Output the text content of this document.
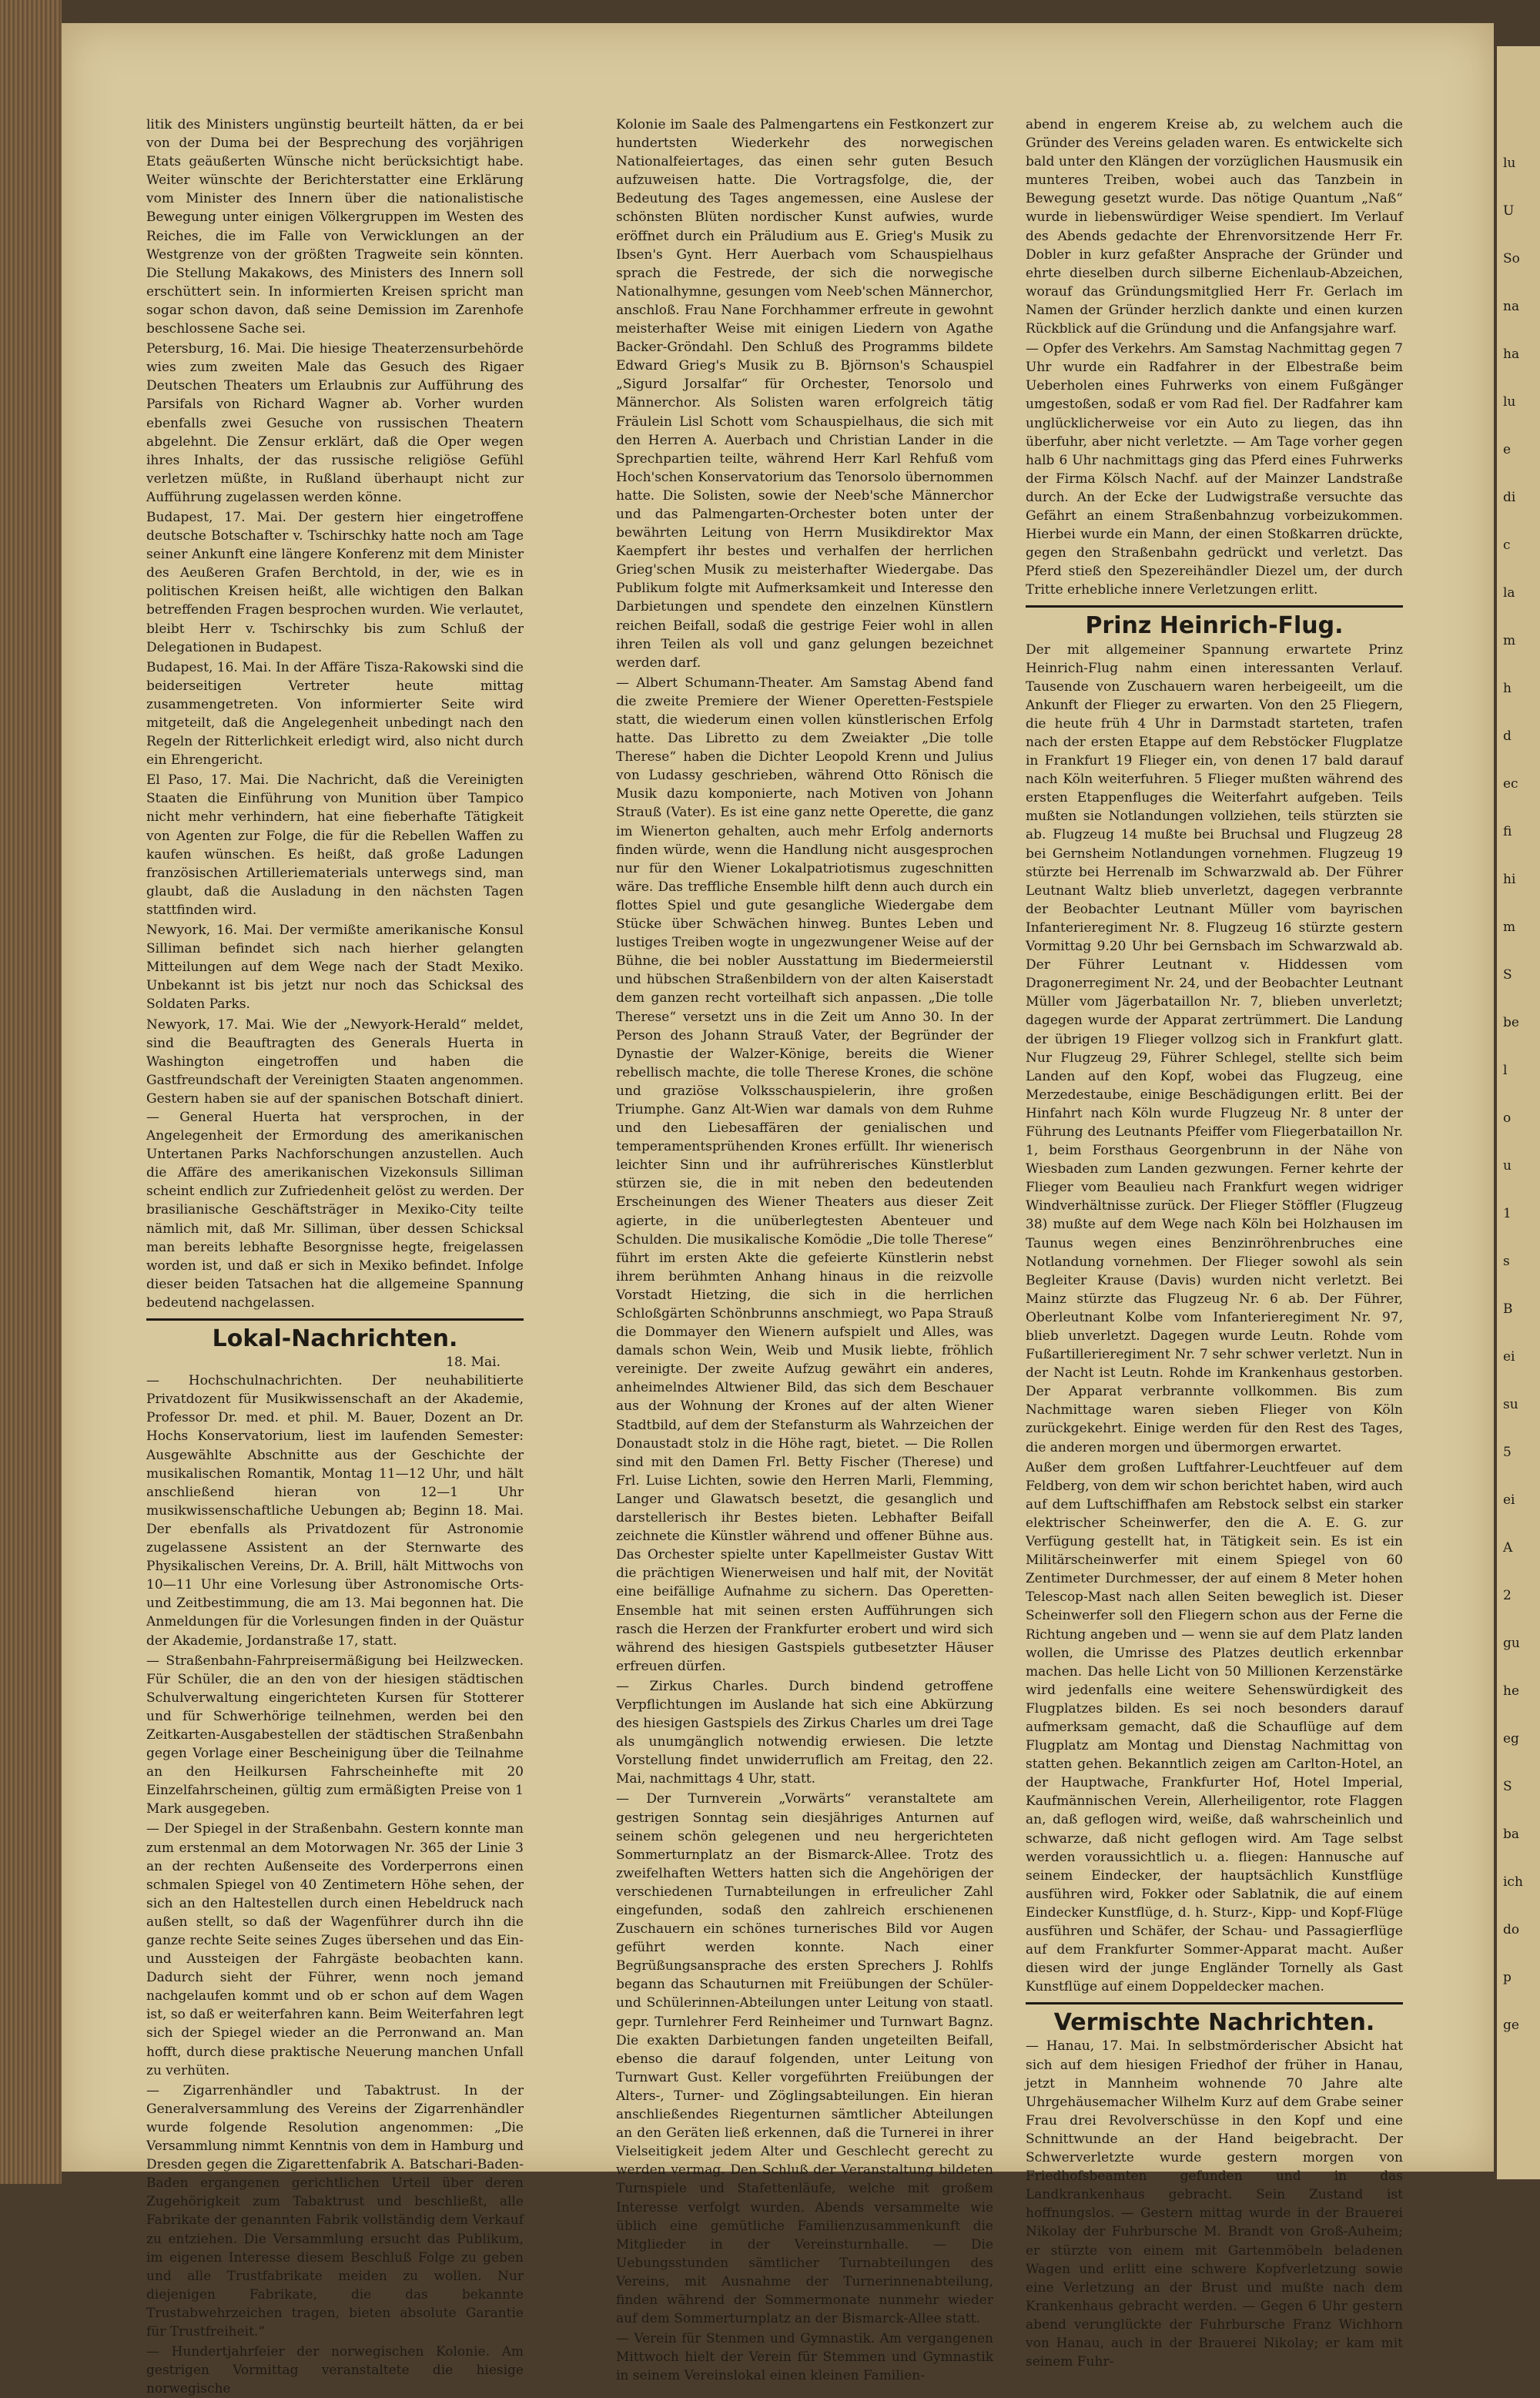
litik des Ministers ungünstig beurteilt hätten, da er bei von der Duma bei der Besprechung des vorjährigen Etats geäußerten Wünsche nicht berücksichtigt habe. Weiter wünschte der Berichterstatter eine Erklärung vom Minister des Innern über die nationalistische Bewegung unter einigen Völkergruppen im Westen des Reiches, die im Falle von Verwicklungen an der Westgrenze von der größten Tragweite sein könnten. Die Stellung Makakows, des Ministers des Innern soll erschüttert sein. In informierten Kreisen spricht man sogar schon davon, daß seine Demission im Zarenhofe beschlossene Sache sei.

Petersburg, 16. Mai. Die hiesige Theaterzensurbehörde wies zum zweiten Male das Gesuch des Rigaer Deutschen Theaters um Erlaubnis zur Aufführung des Parsifals von Richard Wagner ab. Vorher wurden ebenfalls zwei Gesuche von russischen Theatern abgelehnt. Die Zensur erklärt, daß die Oper wegen ihres Inhalts, der das russische religiöse Gefühl verletzen müßte, in Rußland überhaupt nicht zur Aufführung zugelassen werden könne.

Budapest, 17. Mai. Der gestern hier eingetroffene deutsche Botschafter v. Tschirschky hatte noch am Tage seiner Ankunft eine längere Konferenz mit dem Minister des Aeußeren Grafen Berchtold, in der, wie es in politischen Kreisen heißt, alle wichtigen den Balkan betreffenden Fragen besprochen wurden. Wie verlautet, bleibt Herr v. Tschirschky bis zum Schluß der Delegationen in Budapest.

Budapest, 16. Mai. In der Affäre Tisza-Rakowski sind die beiderseitigen Vertreter heute mittag zusammengetreten. Von informierter Seite wird mitgeteilt, daß die Angelegenheit unbedingt nach den Regeln der Ritterlichkeit erledigt wird, also nicht durch ein Ehrengericht.

El Paso, 17. Mai. Die Nachricht, daß die Vereinigten Staaten die Einführung von Munition über Tampico nicht mehr verhindern, hat eine fieberhafte Tätigkeit von Agenten zur Folge, die für die Rebellen Waffen zu kaufen wünschen. Es heißt, daß große Ladungen französischen Artilleriematerials unterwegs sind, man glaubt, daß die Ausladung in den nächsten Tagen stattfinden wird.

Newyork, 16. Mai. Der vermißte amerikanische Konsul Silliman befindet sich nach hierher gelangten Mitteilungen auf dem Wege nach der Stadt Mexiko. Unbekannt ist bis jetzt nur noch das Schicksal des Soldaten Parks.

Newyork, 17. Mai. Wie der „Newyork-Herald“ meldet, sind die Beauftragten des Generals Huerta in Washington eingetroffen und haben die Gastfreundschaft der Vereinigten Staaten angenommen. Gestern haben sie auf der spanischen Botschaft diniert. — General Huerta hat versprochen, in der Angelegenheit der Ermordung des amerikanischen Untertanen Parks Nachforschungen anzustellen. Auch die Affäre des amerikanischen Vizekonsuls Silliman scheint endlich zur Zufriedenheit gelöst zu werden. Der brasilianische Geschäftsträger in Mexiko-City teilte nämlich mit, daß Mr. Silliman, über dessen Schicksal man bereits lebhafte Besorgnisse hegte, freigelassen worden ist, und daß er sich in Mexiko befindet. Infolge dieser beiden Tatsachen hat die allgemeine Spannung bedeutend nachgelassen.

Lokal-Nachrichten.
18. Mai.

— Hochschulnachrichten. Der neuhabilitierte Privatdozent für Musikwissenschaft an der Akademie, Professor Dr. med. et phil. M. Bauer, Dozent an Dr. Hochs Konservatorium, liest im laufenden Semester: Ausgewählte Abschnitte aus der Geschichte der musikalischen Romantik, Montag 11—12 Uhr, und hält anschließend hieran von 12—1 Uhr musikwissenschaftliche Uebungen ab; Beginn 18. Mai. Der ebenfalls als Privatdozent für Astronomie zugelassene Assistent an der Sternwarte des Physikalischen Vereins, Dr. A. Brill, hält Mittwochs von 10—11 Uhr eine Vorlesung über Astronomische Orts- und Zeitbestimmung, die am 13. Mai begonnen hat. Die Anmeldungen für die Vorlesungen finden in der Quästur der Akademie, Jordanstraße 17, statt.

— Straßenbahn-Fahrpreisermäßigung bei Heilzwecken. Für Schüler, die an den von der hiesigen städtischen Schulverwaltung eingerichteten Kursen für Stotterer und für Schwerhörige teilnehmen, werden bei den Zeitkarten-Ausgabestellen der städtischen Straßenbahn gegen Vorlage einer Bescheinigung über die Teilnahme an den Heilkursen Fahrscheinhefte mit 20 Einzelfahrscheinen, gültig zum ermäßigten Preise von 1 Mark ausgegeben.

— Der Spiegel in der Straßenbahn. Gestern konnte man zum erstenmal an dem Motorwagen Nr. 365 der Linie 3 an der rechten Außenseite des Vorderperrons einen schmalen Spiegel von 40 Zentimetern Höhe sehen, der sich an den Haltestellen durch einen Hebeldruck nach außen stellt, so daß der Wagenführer durch ihn die ganze rechte Seite seines Zuges übersehen und das Ein- und Aussteigen der Fahrgäste beobachten kann. Dadurch sieht der Führer, wenn noch jemand nachgelaufen kommt und ob er schon auf dem Wagen ist, so daß er weiterfahren kann. Beim Weiterfahren legt sich der Spiegel wieder an die Perronwand an. Man hofft, durch diese praktische Neuerung manchen Unfall zu verhüten.

— Zigarrenhändler und Tabaktrust. In der Generalversammlung des Vereins der Zigarrenhändler wurde folgende Resolution angenommen: „Die Versammlung nimmt Kenntnis von dem in Hamburg und Dresden gegen die Zigarettenfabrik A. Batschari-Baden-Baden ergangenen gerichtlichen Urteil über deren Zugehörigkeit zum Tabaktrust und beschließt, alle Fabrikate der genannten Fabrik vollständig dem Verkauf zu entziehen. Die Versammlung ersucht das Publikum, im eigenen Interesse diesem Beschluß Folge zu geben und alle Trustfabrikate meiden zu wollen. Nur diejenigen Fabrikate, die das bekannte Trustabwehrzeichen tragen, bieten absolute Garantie für Trustfreiheit.“

— Hundertjahrfeier der norwegischen Kolonie. Am gestrigen Vormittag veranstaltete die hiesige norwegische

Kolonie im Saale des Palmengartens ein Festkonzert zur hundertsten Wiederkehr des norwegischen Nationalfeiertages, das einen sehr guten Besuch aufzuweisen hatte. Die Vortragsfolge, die, der Bedeutung des Tages angemessen, eine Auslese der schönsten Blüten nordischer Kunst aufwies, wurde eröffnet durch ein Präludium aus E. Grieg's Musik zu Ibsen's Gynt. Herr Auerbach vom Schauspielhaus sprach die Festrede, der sich die norwegische Nationalhymne, gesungen vom Neeb'schen Männerchor, anschloß. Frau Nane Forchhammer erfreute in gewohnt meisterhafter Weise mit einigen Liedern von Agathe Backer-Gröndahl. Den Schluß des Programms bildete Edward Grieg's Musik zu B. Björnson's Schauspiel „Sigurd Jorsalfar“ für Orchester, Tenorsolo und Männerchor. Als Solisten waren erfolgreich tätig Fräulein Lisl Schott vom Schauspielhaus, die sich mit den Herren A. Auerbach und Christian Lander in die Sprechpartien teilte, während Herr Karl Rehfuß vom Hoch'schen Konservatorium das Tenorsolo übernommen hatte. Die Solisten, sowie der Neeb'sche Männerchor und das Palmengarten-Orchester boten unter der bewährten Leitung von Herrn Musikdirektor Max Kaempfert ihr bestes und verhalfen der herrlichen Grieg'schen Musik zu meisterhafter Wiedergabe. Das Publikum folgte mit Aufmerksamkeit und Interesse den Darbietungen und spendete den einzelnen Künstlern reichen Beifall, sodaß die gestrige Feier wohl in allen ihren Teilen als voll und ganz gelungen bezeichnet werden darf.

— Albert Schumann-Theater. Am Samstag Abend fand die zweite Premiere der Wiener Operetten-Festspiele statt, die wiederum einen vollen künstlerischen Erfolg hatte. Das Libretto zu dem Zweiakter „Die tolle Therese“ haben die Dichter Leopold Krenn und Julius von Ludassy geschrieben, während Otto Rönisch die Musik dazu komponierte, nach Motiven von Johann Strauß (Vater). Es ist eine ganz nette Operette, die ganz im Wienerton gehalten, auch mehr Erfolg andernorts finden würde, wenn die Handlung nicht ausgesprochen nur für den Wiener Lokalpatriotismus zugeschnitten wäre. Das treffliche Ensemble hilft denn auch durch ein flottes Spiel und gute gesangliche Wiedergabe dem Stücke über Schwächen hinweg. Buntes Leben und lustiges Treiben wogte in ungezwungener Weise auf der Bühne, die bei nobler Ausstattung im Biedermeierstil und hübschen Straßenbildern von der alten Kaiserstadt dem ganzen recht vorteilhaft sich anpassen. „Die tolle Therese“ versetzt uns in die Zeit um Anno 30. In der Person des Johann Strauß Vater, der Begründer der Dynastie der Walzer-Könige, bereits die Wiener rebellisch machte, die tolle Therese Krones, die schöne und graziöse Volksschauspielerin, ihre großen Triumphe. Ganz Alt-Wien war damals von dem Ruhme und den Liebesaffären der genialischen und temperamentsprühenden Krones erfüllt. Ihr wienerisch leichter Sinn und ihr aufrührerisches Künstlerblut stürzen sie, die in mit neben den bedeutenden Erscheinungen des Wiener Theaters aus dieser Zeit agierte, in die unüberlegtesten Abenteuer und Schulden. Die musikalische Komödie „Die tolle Therese“ führt im ersten Akte die gefeierte Künstlerin nebst ihrem berühmten Anhang hinaus in die reizvolle Vorstadt Hietzing, die sich in die herrlichen Schloßgärten Schönbrunns anschmiegt, wo Papa Strauß die Dommayer den Wienern aufspielt und Alles, was damals schon Wein, Weib und Musik liebte, fröhlich vereinigte. Der zweite Aufzug gewährt ein anderes, anheimelndes Altwiener Bild, das sich dem Beschauer aus der Wohnung der Krones auf der alten Wiener Stadtbild, auf dem der Stefansturm als Wahrzeichen der Donaustadt stolz in die Höhe ragt, bietet. — Die Rollen sind mit den Damen Frl. Betty Fischer (Therese) und Frl. Luise Lichten, sowie den Herren Marli, Flemming, Langer und Glawatsch besetzt, die gesanglich und darstellerisch ihr Bestes bieten. Lebhafter Beifall zeichnete die Künstler während und offener Bühne aus. Das Orchester spielte unter Kapellmeister Gustav Witt die prächtigen Wienerweisen und half mit, der Novität eine beifällige Aufnahme zu sichern. Das Operetten-Ensemble hat mit seinen ersten Aufführungen sich rasch die Herzen der Frankfurter erobert und wird sich während des hiesigen Gastspiels gutbesetzter Häuser erfreuen dürfen.

— Zirkus Charles. Durch bindend getroffene Verpflichtungen im Auslande hat sich eine Abkürzung des hiesigen Gastspiels des Zirkus Charles um drei Tage als unumgänglich notwendig erwiesen. Die letzte Vorstellung findet unwiderruflich am Freitag, den 22. Mai, nachmittags 4 Uhr, statt.

— Der Turnverein „Vorwärts“ veranstaltete am gestrigen Sonntag sein diesjähriges Anturnen auf seinem schön gelegenen und neu hergerichteten Sommerturnplatz an der Bismarck-Allee. Trotz des zweifelhaften Wetters hatten sich die Angehörigen der verschiedenen Turnabteilungen in erfreulicher Zahl eingefunden, sodaß den zahlreich erschienenen Zuschauern ein schönes turnerisches Bild vor Augen geführt werden konnte. Nach einer Begrüßungsansprache des ersten Sprechers J. Rohlfs begann das Schauturnen mit Freiübungen der Schüler- und Schülerinnen-Abteilungen unter Leitung von staatl. gepr. Turnlehrer Ferd Reinheimer und Turnwart Bagnz. Die exakten Darbietungen fanden ungeteilten Beifall, ebenso die darauf folgenden, unter Leitung von Turnwart Gust. Keller vorgeführten Freiübungen der Alters-, Turner- und Zöglingsabteilungen. Ein hieran anschließendes Riegenturnen sämtlicher Abteilungen an den Geräten ließ erkennen, daß die Turnerei in ihrer Vielseitigkeit jedem Alter und Geschlecht gerecht zu werden vermag. Den Schluß der Veranstaltung bildeten Turnspiele und Stafettenläufe, welche mit großem Interesse verfolgt wurden. Abends versammelte wie üblich eine gemütliche Familienzusammenkunft die Mitglieder in der Vereinsturnhalle. — Die Uebungsstunden sämtlicher Turnabteilungen des Vereins, mit Ausnahme der Turnerinnenabteilung, finden während der Sommermonate nunmehr wieder auf dem Sommerturnplatz an der Bismarck-Allee statt.

— Verein für Stenmen und Gymnastik. Am vergangenen Mittwoch hielt der Verein für Stemmen und Gymnastik in seinem Vereinslokal einen kleinen Familien-

abend in engerem Kreise ab, zu welchem auch die Gründer des Vereins geladen waren. Es entwickelte sich bald unter den Klängen der vorzüglichen Hausmusik ein munteres Treiben, wobei auch das Tanzbein in Bewegung gesetzt wurde. Das nötige Quantum „Naß“ wurde in liebenswürdiger Weise spendiert. Im Verlauf des Abends gedachte der Ehrenvorsitzende Herr Fr. Dobler in kurz gefaßter Ansprache der Gründer und ehrte dieselben durch silberne Eichenlaub-Abzeichen, worauf das Gründungsmitglied Herr Fr. Gerlach im Namen der Gründer herzlich dankte und einen kurzen Rückblick auf die Gründung und die Anfangsjahre warf.

— Opfer des Verkehrs. Am Samstag Nachmittag gegen 7 Uhr wurde ein Radfahrer in der Elbestraße beim Ueberholen eines Fuhrwerks von einem Fußgänger umgestoßen, sodaß er vom Rad fiel. Der Radfahrer kam unglücklicherweise vor ein Auto zu liegen, das ihn überfuhr, aber nicht verletzte. — Am Tage vorher gegen halb 6 Uhr nachmittags ging das Pferd eines Fuhrwerks der Firma Kölsch Nachf. auf der Mainzer Landstraße durch. An der Ecke der Ludwigstraße versuchte das Gefährt an einem Straßenbahnzug vorbeizukommen. Hierbei wurde ein Mann, der einen Stoßkarren drückte, gegen den Straßenbahn gedrückt und verletzt. Das Pferd stieß den Spezereihändler Diezel um, der durch Tritte erhebliche innere Verletzungen erlitt.

Prinz Heinrich-Flug.

Der mit allgemeiner Spannung erwartete Prinz Heinrich-Flug nahm einen interessanten Verlauf. Tausende von Zuschauern waren herbeigeeilt, um die Ankunft der Flieger zu erwarten. Von den 25 Fliegern, die heute früh 4 Uhr in Darmstadt starteten, trafen nach der ersten Etappe auf dem Rebstöcker Flugplatze in Frankfurt 19 Flieger ein, von denen 17 bald darauf nach Köln weiterfuhren. 5 Flieger mußten während des ersten Etappenfluges die Weiterfahrt aufgeben. Teils mußten sie Notlandungen vollziehen, teils stürzten sie ab. Flugzeug 14 mußte bei Bruchsal und Flugzeug 28 bei Gernsheim Notlandungen vornehmen. Flugzeug 19 stürzte bei Herrenalb im Schwarzwald ab. Der Führer Leutnant Waltz blieb unverletzt, dagegen verbrannte der Beobachter Leutnant Müller vom bayrischen Infanterieregiment Nr. 8. Flugzeug 16 stürzte gestern Vormittag 9.20 Uhr bei Gernsbach im Schwarzwald ab. Der Führer Leutnant v. Hiddessen vom Dragonerregiment Nr. 24, und der Beobachter Leutnant Müller vom Jägerbataillon Nr. 7, blieben unverletzt; dagegen wurde der Apparat zertrümmert. Die Landung der übrigen 19 Flieger vollzog sich in Frankfurt glatt. Nur Flugzeug 29, Führer Schlegel, stellte sich beim Landen auf den Kopf, wobei das Flugzeug, eine Merzedestaube, einige Beschädigungen erlitt. Bei der Hinfahrt nach Köln wurde Flugzeug Nr. 8 unter der Führung des Leutnants Pfeiffer vom Fliegerbataillon Nr. 1, beim Forsthaus Georgenbrunn in der Nähe von Wiesbaden zum Landen gezwungen. Ferner kehrte der Flieger vom Beaulieu nach Frankfurt wegen widriger Windverhältnisse zurück. Der Flieger Stöffler (Flugzeug 38) mußte auf dem Wege nach Köln bei Holzhausen im Taunus wegen eines Benzinröhrenbruches eine Notlandung vornehmen. Der Flieger sowohl als sein Begleiter Krause (Davis) wurden nicht verletzt. Bei Mainz stürzte das Flugzeug Nr. 6 ab. Der Führer, Oberleutnant Kolbe vom Infanterieregiment Nr. 97, blieb unverletzt. Dagegen wurde Leutn. Rohde vom Fußartillerieregiment Nr. 7 sehr schwer verletzt. Nun in der Nacht ist Leutn. Rohde im Krankenhaus gestorben. Der Apparat verbrannte vollkommen. Bis zum Nachmittage waren sieben Flieger von Köln zurückgekehrt. Einige werden für den Rest des Tages, die anderen morgen und übermorgen erwartet.

Außer dem großen Luftfahrer-Leuchtfeuer auf dem Feldberg, von dem wir schon berichtet haben, wird auch auf dem Luftschiffhafen am Rebstock selbst ein starker elektrischer Scheinwerfer, den die A. E. G. zur Verfügung gestellt hat, in Tätigkeit sein. Es ist ein Militärscheinwerfer mit einem Spiegel von 60 Zentimeter Durchmesser, der auf einem 8 Meter hohen Telescop-Mast nach allen Seiten beweglich ist. Dieser Scheinwerfer soll den Fliegern schon aus der Ferne die Richtung angeben und — wenn sie auf dem Platz landen wollen, die Umrisse des Platzes deutlich erkennbar machen. Das helle Licht von 50 Millionen Kerzenstärke wird jedenfalls eine weitere Sehenswürdigkeit des Flugplatzes bilden. Es sei noch besonders darauf aufmerksam gemacht, daß die Schauflüge auf dem Flugplatz am Montag und Dienstag Nachmittag von statten gehen. Bekanntlich zeigen am Carlton-Hotel, an der Hauptwache, Frankfurter Hof, Hotel Imperial, Kaufmännischen Verein, Allerheiligentor, rote Flaggen an, daß geflogen wird, weiße, daß wahrscheinlich und schwarze, daß nicht geflogen wird. Am Tage selbst werden voraussichtlich u. a. fliegen: Hannusche auf seinem Eindecker, der hauptsächlich Kunstflüge ausführen wird, Fokker oder Sablatnik, die auf einem Eindecker Kunstflüge, d. h. Sturz-, Kipp- und Kopf-Flüge ausführen und Schäfer, der Schau- und Passagierflüge auf dem Frankfurter Sommer-Apparat macht. Außer diesen wird der junge Engländer Tornelly als Gast Kunstflüge auf einem Doppeldecker machen.

Vermischte Nachrichten.

— Hanau, 17. Mai. In selbstmörderischer Absicht hat sich auf dem hiesigen Friedhof der früher in Hanau, jetzt in Mannheim wohnende 70 Jahre alte Uhrgehäusemacher Wilhelm Kurz auf dem Grabe seiner Frau drei Revolverschüsse in den Kopf und eine Schnittwunde an der Hand beigebracht. Der Schwerverletzte wurde gestern morgen von Friedhofsbeamten gefunden und in das Landkrankenhaus gebracht. Sein Zustand ist hoffnungslos. — Gestern mittag wurde in der Brauerei Nikolay der Fuhrbursche M. Brandt von Groß-Auheim; er stürzte von einem mit Gartenmöbeln beladenen Wagen und erlitt eine schwere Kopfverletzung sowie eine Verletzung an der Brust und mußte nach dem Krankenhaus gebracht werden. — Gegen 6 Uhr gestern abend verunglückte der Fuhrbursche Franz Wichhorn von Hanau, auch in der Brauerei Nikolay; er kam mit seinem Fuhr-

lu
U
So
na
ha
lu
e
di
c
la
m
h
d
ec
fi
hi
m
S
be
l
o
u
1
s
B
ei
su
5
ei
A
2
gu
he
eg
S
ba
ich
do
p
ge
